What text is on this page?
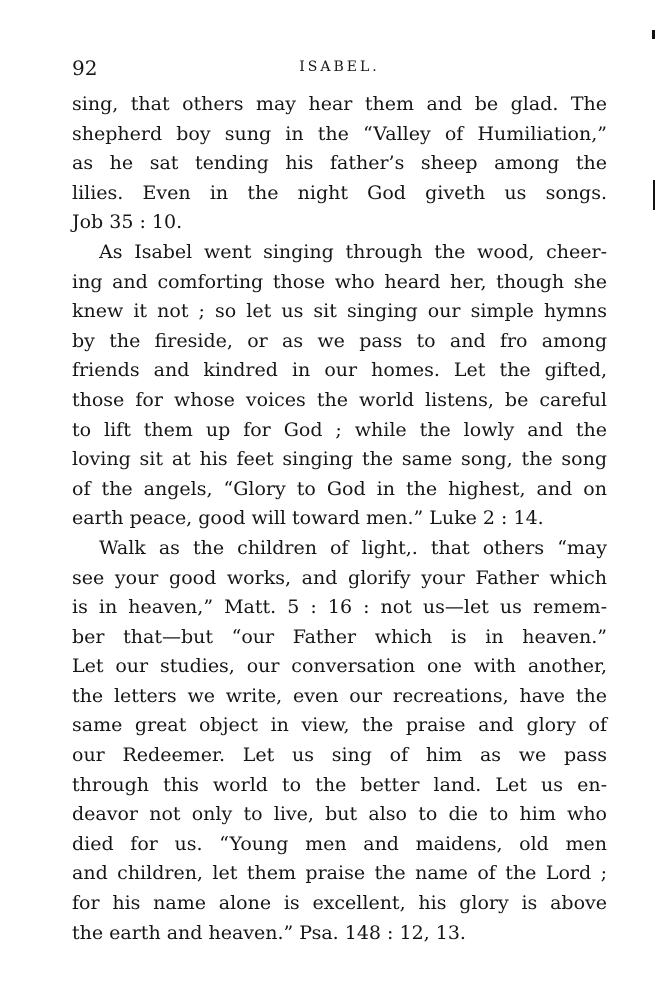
92	ISABEL.
sing, that others may hear them and be glad. The
shepherd boy sung in the “Valley of Humiliation,”
as he sat tending his father’s sheep among the
lilies. Even in the night God giveth us songs.
Job 35 : 10.
As Isabel went singing through the wood, cheer-
ing and comforting those who heard her, though she
knew it not ; so let us sit singing our simple hymns
by the fireside, or as we pass to and fro among
friends and kindred in our homes. Let the gifted,
those for whose voices the world listens, be careful
to lift them up for God ; while the lowly and the
loving sit at his feet singing the same song, the song
of the angels, “Glory to God in the highest, and on
earth peace, good will toward men.” Luke 2 : 14.
Walk as the children of light,. that others “may
see your good works, and glorify your Father which
is in heaven,” Matt. 5 : 16 : not us—let us remem-
ber that—but “our Father which is in heaven.”
Let our studies, our conversation one with another,
the letters we write, even our recreations, have the
same great object in view, the praise and glory of
our Redeemer. Let us sing of him as we pass
through this world to the better land. Let us en-
deavor not only to live, but also to die to him who
died for us. “Young men and maidens, old men
and children, let them praise the name of the Lord ;
for his name alone is excellent, his glory is above
the earth and heaven.” Psa. 148 : 12, 13.
